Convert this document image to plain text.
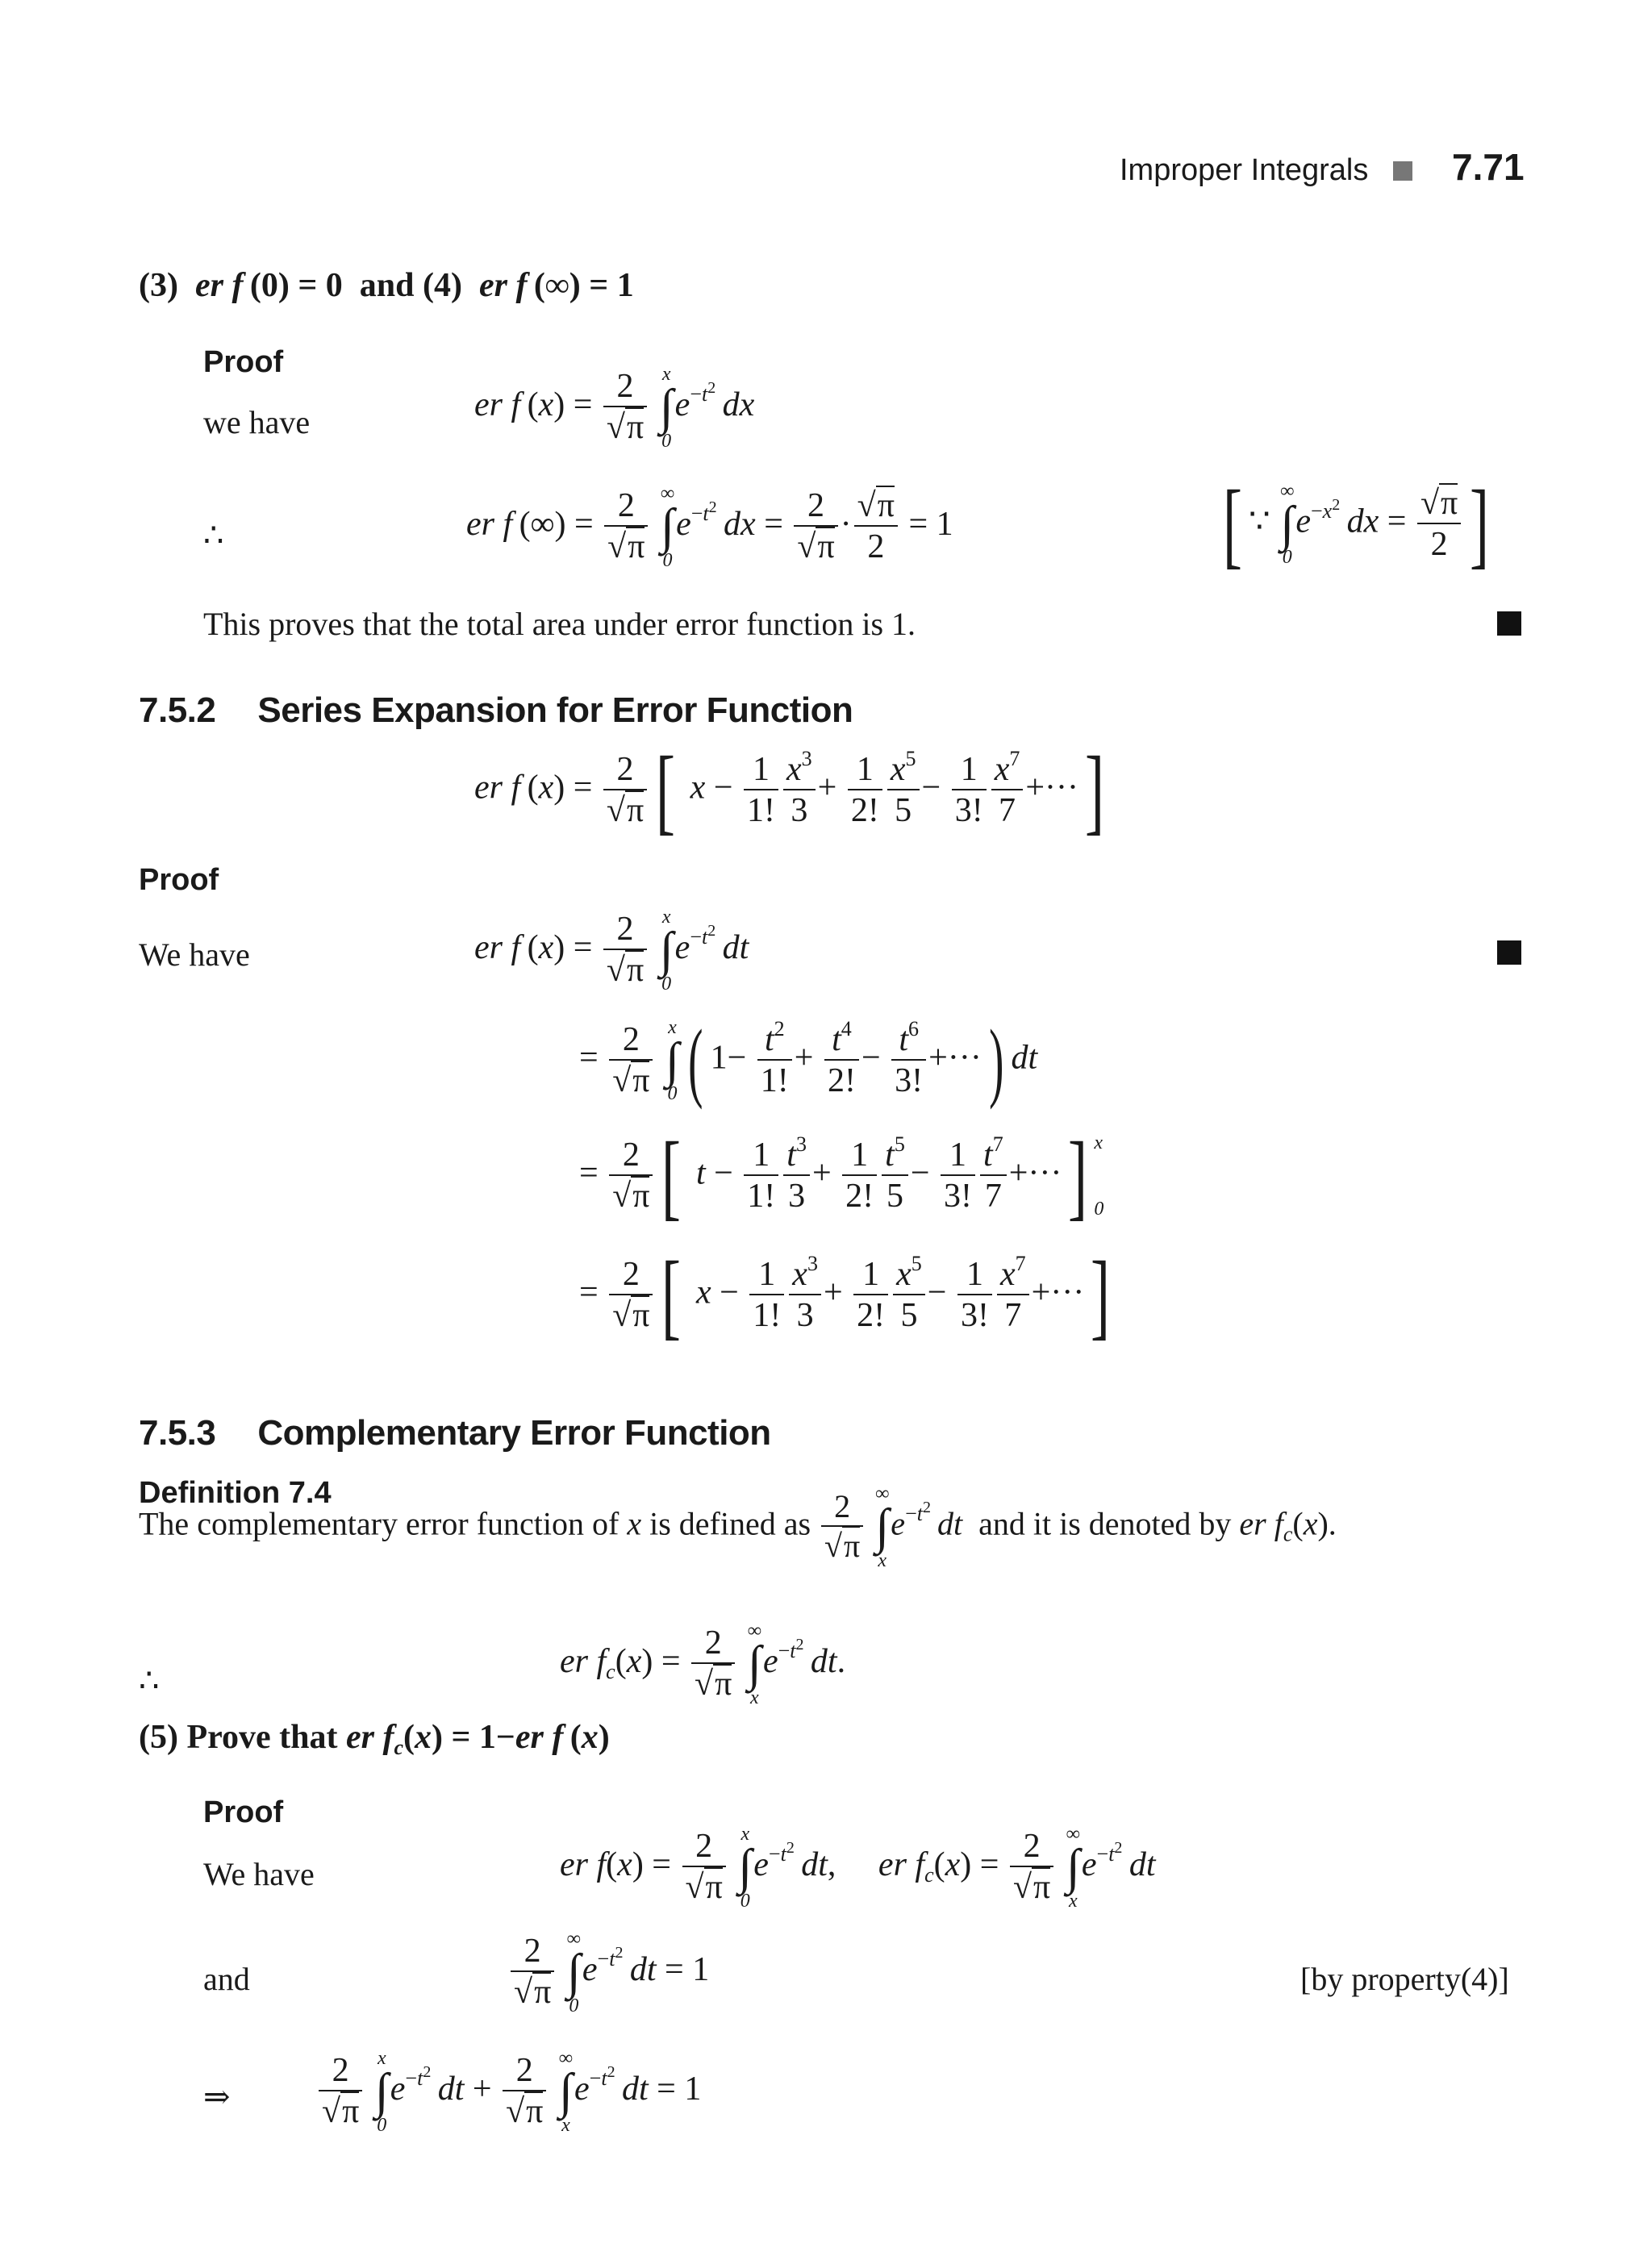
Improper Integrals 7.71
(3)  er f (0) = 0  and (4)  er f (∞) = 1
Proof
we have	er f $(x) = \frac{2}{√\pi}$
x
∫
0
$e^{-t^2}$  dx
∴	er f (∞) = $\frac{2}{√\pi}$
∞
∫
0
$e^{-t^2}$  dx = $\frac{2}{√\pi} \cdot \frac{√\pi}{2} = 1$	[ ∵
∞
∫
0
$e^{-x^2}$  dx = $\frac{√\pi}{2}$ ]
This proves that the total area under error function is 1.
7.5.2 Series Expansion for Error Function
er f $(x) = \frac{2}{√\pi}$ [ $x - \frac{1}{1!} \frac{x^3}{3} + \frac{1}{2!} \frac{x^5}{5} - \frac{1}{3!} \frac{x^7}{7}$ +···]
Proof
We have	er f $(x) = \frac{2}{√\pi}$
x
∫
0
$e^{-t^2}$  dt
= $\frac{2}{√\pi}$
x
∫
0 ( $1- \frac{t^2}{1!} + \frac{t^4}{2!} - \frac{t^6}{3!}$ +···) dt
= $\frac{2}{√\pi}$ [ $t - \frac{1}{1!} \frac{t^3}{3} + \frac{1}{2!} \frac{t^5}{5} - \frac{1}{3!} \frac{t^7}{7}$ +···] x
0
= $\frac{2}{√\pi}$ [ $x - \frac{1}{1!} \frac{x^3}{3} + \frac{1}{2!} \frac{x^5}{5} - \frac{1}{3!} \frac{x^7}{7}$ +···]
7.5.3 Complementary Error Function
Definition 7.4
The complementary error function of x is defined as $\frac{2}{√\pi}$
∞
∫
x
$e^{-t^2}$  dt and it is denoted by er $f_c(x)$.
∴
er $f_c(x) = \frac{2}{√\pi}$
∞
∫
x
$e^{-t^2}$  dt.
(5) Prove that er $f_c(x) = 1-er$ f (x)
Proof
We have	er $f(x) = \frac{2}{√\pi}$
x
∫
0
$e^{-t^2}$  dt,     er $f_c(x) = \frac{2}{√\pi}$
∞
∫
x
$e^{-t^2}$  dt
and	$\frac{2}{√\pi}$
∞
∫
0
$e^{-t^2}$  dt = 1	[by property(4)]
⇒	$\frac{2}{√\pi}$
x
∫
0
$e^{-t^2}$  dt + $\frac{2}{√\pi}$
∞
∫
x
$e^{-t^2}$  dt = 1
